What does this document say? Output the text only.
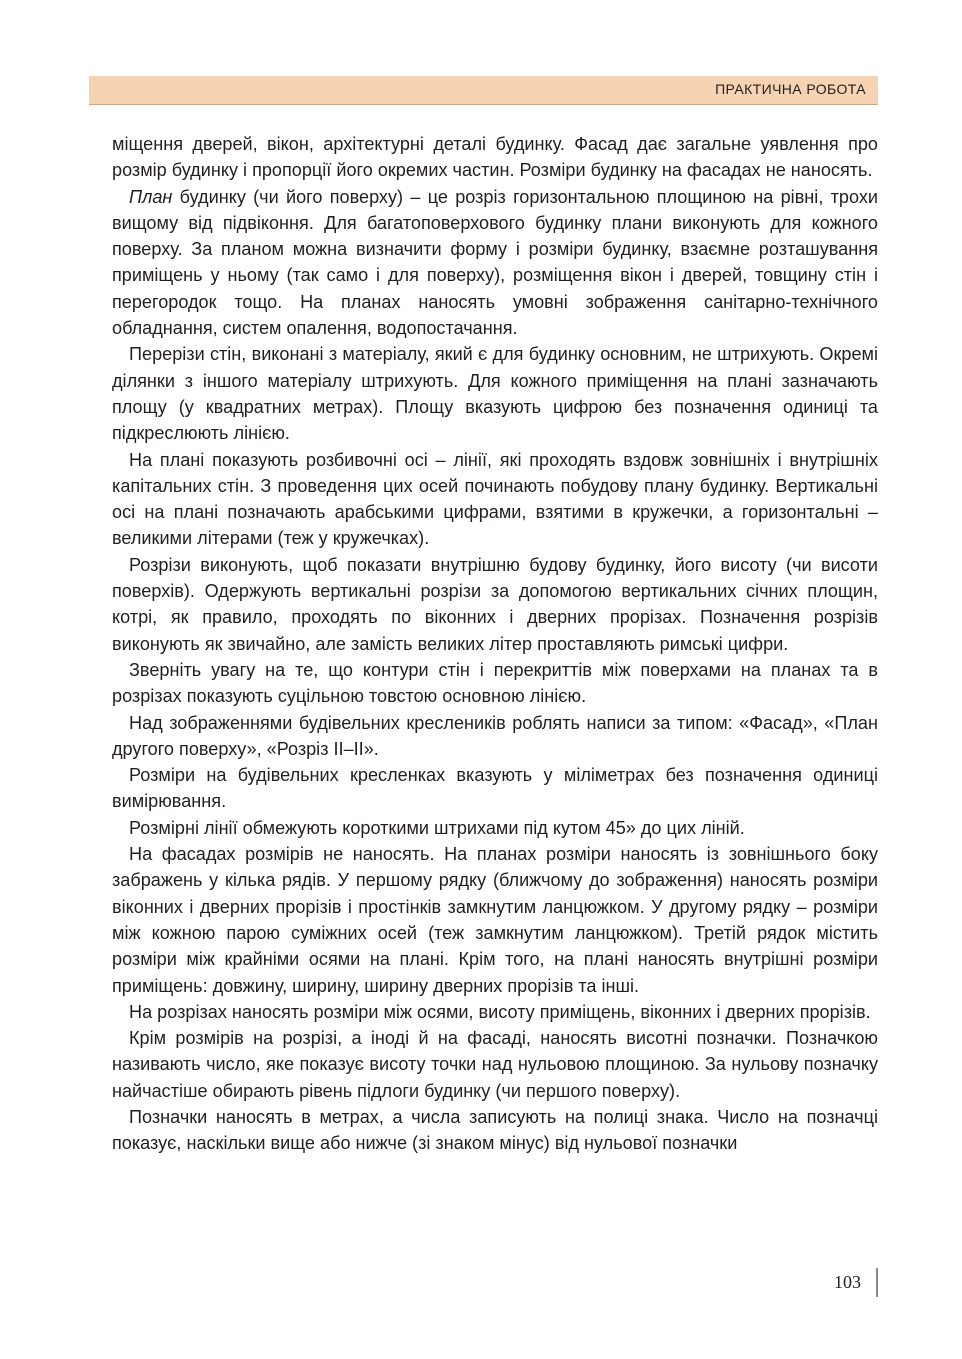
ПРАКТИЧНА РОБОТА

міщення дверей, вікон, архітектурні деталі будинку. Фасад дає загальне уявлення про розмір будинку і пропорції його окремих частин. Розміри будинку на фасадах не наносять.

План будинку (чи його поверху) – це розріз горизонтальною площиною на рівні, трохи вищому від підвіконня. Для багатоповерхового будинку плани виконують для кожного поверху. За планом можна визначити форму і розміри будинку, взаємне розташування приміщень у ньому (так само і для поверху), розміщення вікон і дверей, товщину стін і перегородок тощо. На планах наносять умовні зображення санітарно-технічного обладнання, систем опалення, водопостачання.

Перерізи стін, виконані з матеріалу, який є для будинку основним, не штрихують. Окремі ділянки з іншого матеріалу штрихують. Для кожного приміщення на плані зазначають площу (у квадратних метрах). Площу вказують цифрою без позначення одиниці та підкреслюють лінією.

На плані показують розбивочні осі – лінії, які проходять вздовж зовнішніх і внутрішніх капітальних стін. З проведення цих осей починають побудову плану будинку. Вертикальні осі на плані позначають арабськими цифрами, взятими в кружечки, а горизонтальні – великими літерами (теж у кружечках).

Розрізи виконують, щоб показати внутрішню будову будинку, його висоту (чи висоти поверхів). Одержують вертикальні розрізи за допомогою вертикальних січних площин, котрі, як правило, проходять по віконних і дверних прорізах. Позначення розрізів виконують як звичайно, але замість великих літер проставляють римські цифри.

Зверніть увагу на те, що контури стін і перекриттів між поверхами на планах та в розрізах показують суцільною товстою основною лінією.

Над зображеннями будівельних креслеників роблять написи за типом: «Фасад», «План другого поверху», «Розріз ІІ–ІІ».

Розміри на будівельних кресленках вказують у міліметрах без позначення одиниці вимірювання.

Розмірні лінії обмежують короткими штрихами під кутом 45» до цих ліній.

На фасадах розмірів не наносять. На планах розміри наносять із зовнішнього боку забражень у кілька рядів. У першому рядку (ближчому до зображення) наносять розміри віконних і дверних прорізів і простінків замкнутим ланцюжком. У другому рядку – розміри між кожною парою суміжних осей (теж замкнутим ланцюжком). Третій рядок містить розміри між крайніми осями на плані. Крім того, на плані наносять внутрішні розміри приміщень: довжину, ширину, ширину дверних прорізів та інші.

На розрізах наносять розміри між осями, висоту приміщень, віконних і дверних прорізів.

Крім розмірів на розрізі, а іноді й на фасаді, наносять висотні позначки. Позначкою називають число, яке показує висоту точки над нульовою площиною. За нульову позначку найчастіше обирають рівень підлоги будинку (чи першого поверху).

Позначки наносять в метрах, а числа записують на полиці знака. Число на позначці показує, наскільки вище або нижче (зі знаком мінус) від нульової позначки

103
